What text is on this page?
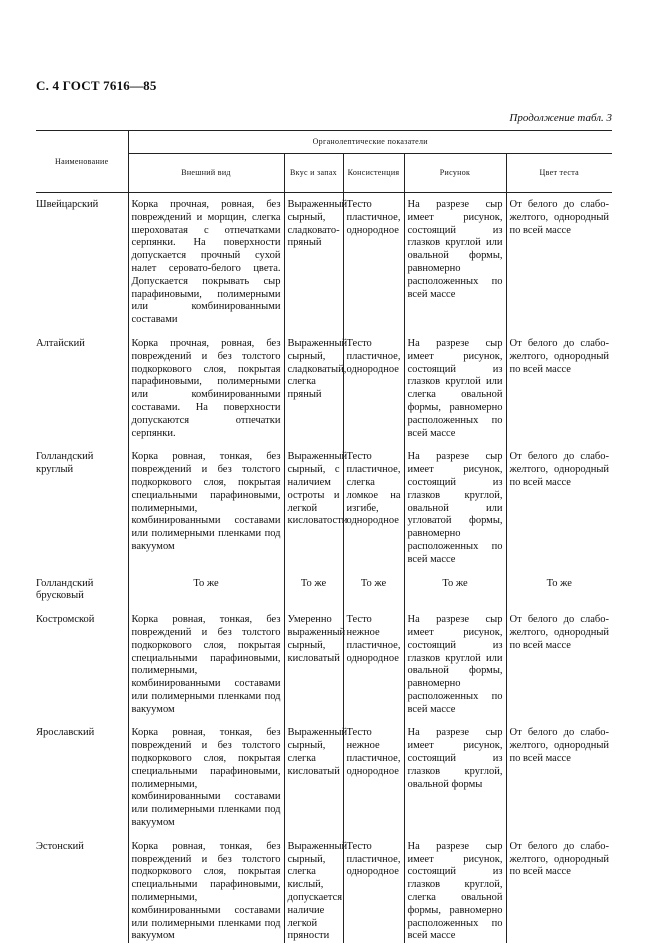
С. 4 ГОСТ 7616—85
Продолжение табл. 3
Наименование	Органолептические показатели				
	Внешний вид	Вкус и запах	Консистенция	Рисунок	Цвет теста
Швейцарский	Корка прочная, ровная, без повреждений и морщин, слегка шероховатая с отпечатками серпянки. На поверхности допускается прочный сухой налет серовато-белого цвета. Допускается покрывать сыр парафиновыми, полимерными или комбинированными составами	Выраженный сырный, сладковато-пряный	Тесто пластичное, однородное	На разрезе сыр имеет рисунок, состоящий из глазков круглой или овальной формы, равномерно расположенных по всей массе	От белого до слабо-желтого, однородный по всей массе
Алтайский	Корка прочная, ровная, без повреждений и без толстого подкоркового слоя, покрытая парафиновыми, полимерными или комбинированными составами. На поверхности допускаются отпечатки серпянки.	Выраженный сырный, сладковатый, слегка пряный	Тесто пластичное, однородное	На разрезе сыр имеет рисунок, состоящий из глазков круглой или слегка овальной формы, равномерно расположенных по всей массе	От белого до слабо-желтого, однородный по всей массе
Голландский круглый	Корка ровная, тонкая, без повреждений и без толстого подкоркового слоя, покрытая специальными парафиновыми, полимерными, комбинированными составами или полимерными пленками под вакуумом	Выраженный сырный, с наличием остроты и легкой кисловатости	Тесто пластичное, слегка ломкое на изгибе, однородное	На разрезе сыр имеет рисунок, состоящий из глазков круглой, овальной или угловатой формы, равномерно расположенных по всей массе	От белого до слабо-желтого, однородный по всей массе
Голландский брусковый	То же	То же	То же	То же	То же
Костромской	Корка ровная, тонкая, без повреждений и без толстого подкоркового слоя, покрытая специальными парафиновыми, полимерными, комбинированными составами или полимерными пленками под вакуумом	Умеренно выраженный сырный, кисловатый	Тесто нежное пластичное, однородное	На разрезе сыр имеет рисунок, состоящий из глазков круглой или овальной формы, равномерно расположенных по всей массе	От белого до слабо-желтого, однородный по всей массе
Ярославский	Корка ровная, тонкая, без повреждений и без толстого подкоркового слоя, покрытая специальными парафиновыми, полимерными, комбинированными составами или полимерными пленками под вакуумом	Выраженный сырный, слегка кисловатый	Тесто нежное пластичное, однородное	На разрезе сыр имеет рисунок, состоящий из глазков круглой, овальной формы	От белого до слабо-желтого, однородный по всей массе
Эстонский	Корка ровная, тонкая, без повреждений и без толстого подкоркового слоя, покрытая специальными парафиновыми, полимерными, комбинированными составами или полимерными пленками под вакуумом	Выраженный сырный, слегка кислый, допускается наличие легкой пряности	Тесто пластичное, однородное	На разрезе сыр имеет рисунок, состоящий из глазков круглой, слегка овальной формы, равномерно расположенных по всей массе	От белого до слабо-желтого, однородный по всей массе
